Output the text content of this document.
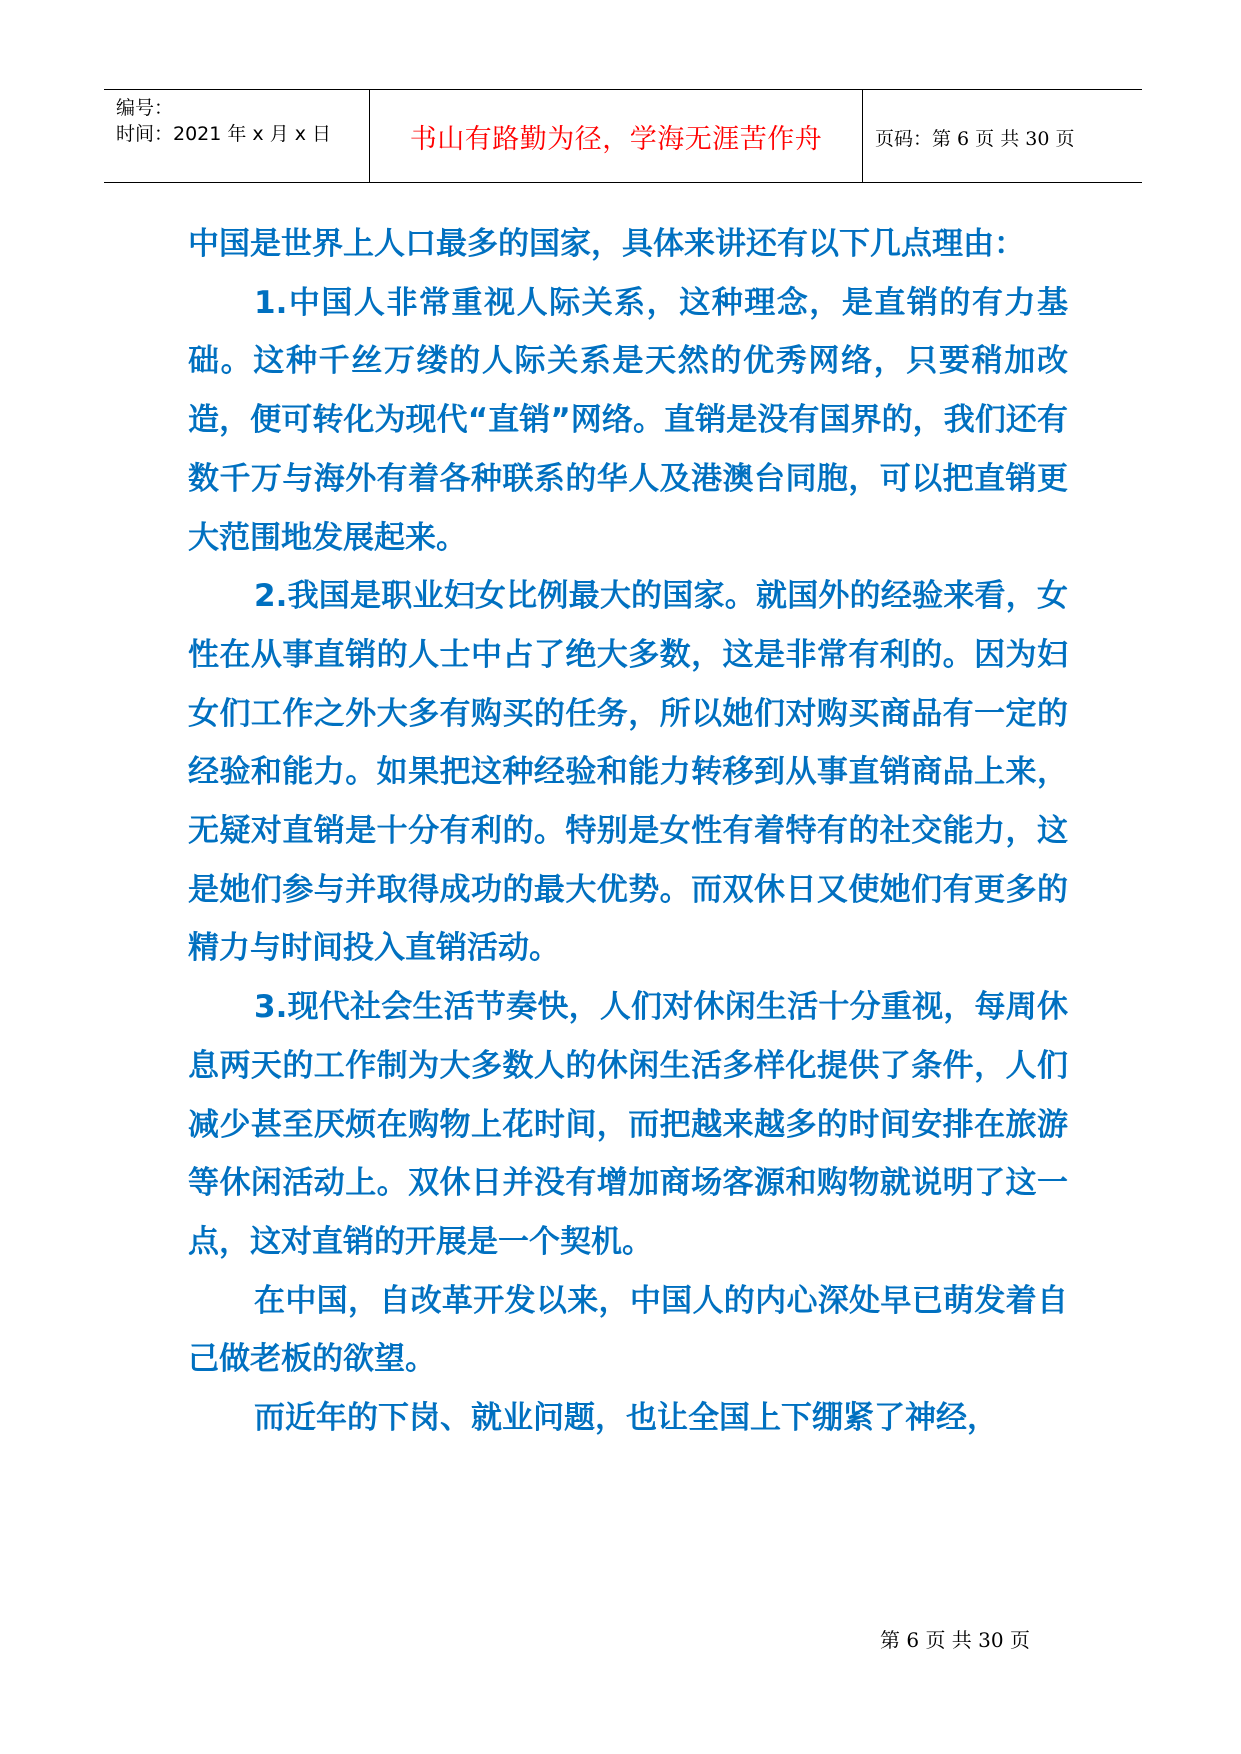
编号：
时间：2021 年 x 月 x 日	书山有路勤为径，学海无涯苦作舟	页码：第 6 页 共 30 页

中国是世界上人口最多的国家，具体来讲还有以下几点理由：

1.中国人非常重视人际关系，这种理念，是直销的有力基础。这种千丝万缕的人际关系是天然的优秀网络，只要稍加改造，便可转化为现代“直销”网络。直销是没有国界的，我们还有数千万与海外有着各种联系的华人及港澳台同胞，可以把直销更大范围地发展起来。

2.我国是职业妇女比例最大的国家。就国外的经验来看，女性在从事直销的人士中占了绝大多数，这是非常有利的。因为妇女们工作之外大多有购买的任务，所以她们对购买商品有一定的经验和能力。如果把这种经验和能力转移到从事直销商品上来，无疑对直销是十分有利的。特别是女性有着特有的社交能力，这是她们参与并取得成功的最大优势。而双休日又使她们有更多的精力与时间投入直销活动。

3.现代社会生活节奏快，人们对休闲生活十分重视，每周休息两天的工作制为大多数人的休闲生活多样化提供了条件，人们减少甚至厌烦在购物上花时间，而把越来越多的时间安排在旅游等休闲活动上。双休日并没有增加商场客源和购物就说明了这一点，这对直销的开展是一个契机。

在中国，自改革开发以来，中国人的内心深处早已萌发着自己做老板的欲望。

而近年的下岗、就业问题，也让全国上下绷紧了神经，

第 6 页 共 30 页
